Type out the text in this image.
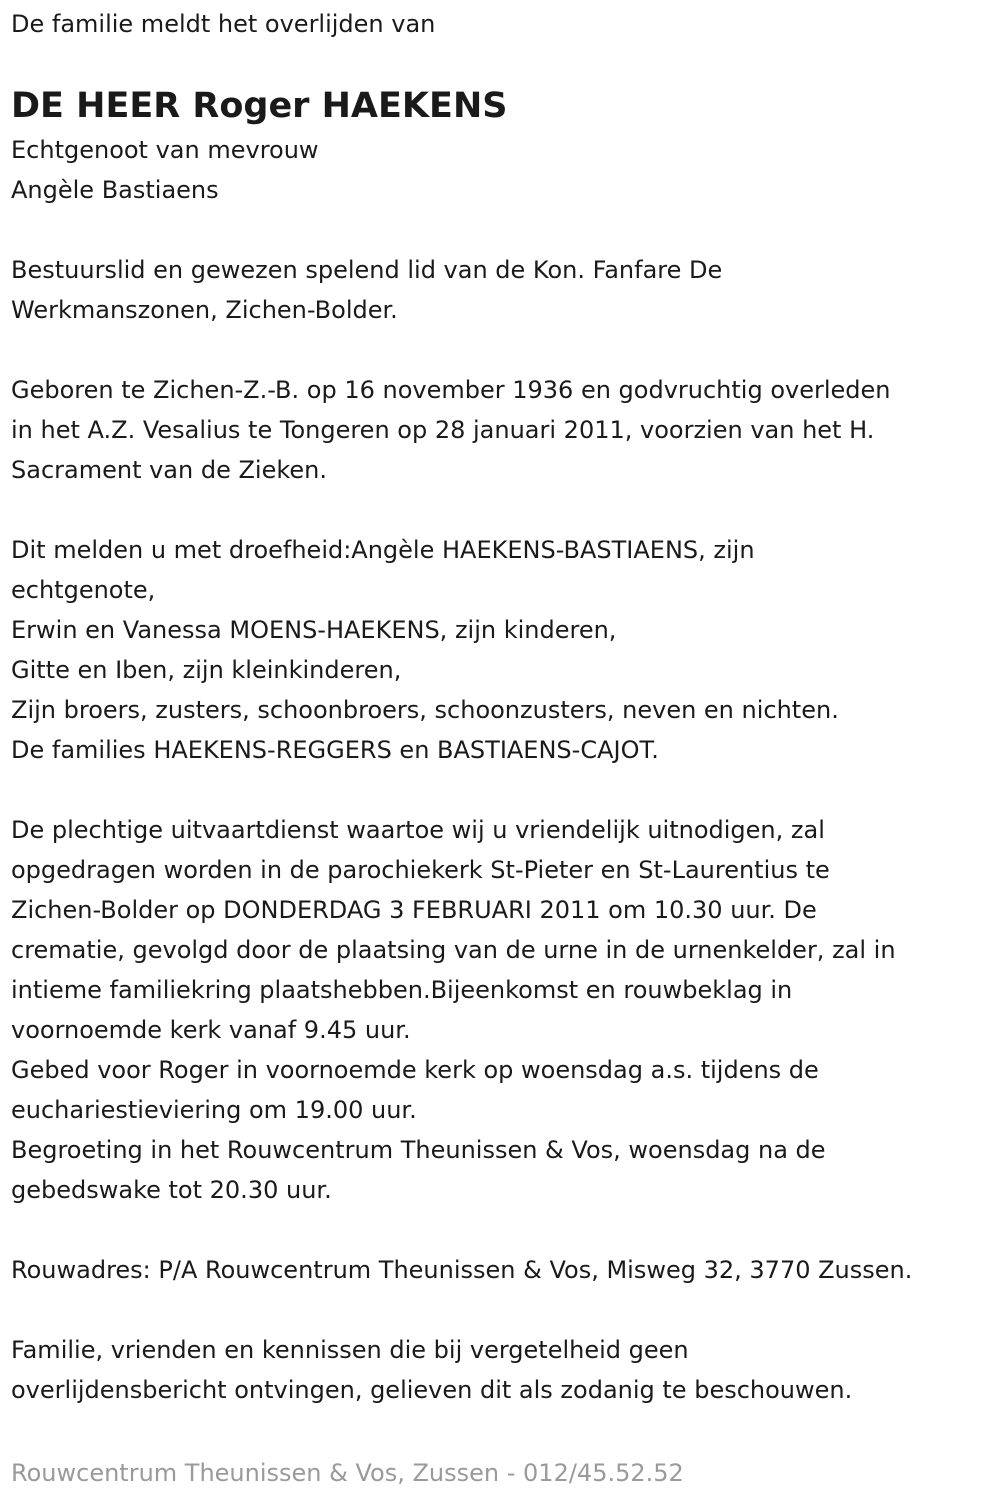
De familie meldt het overlijden van
DE HEER Roger HAEKENS
Echtgenoot van mevrouw
Angèle Bastiaens
Bestuurslid en gewezen spelend lid van de Kon. Fanfare De
Werkmanszonen, Zichen-Bolder.
Geboren te Zichen-Z.-B. op 16 november 1936 en godvruchtig overleden
in het A.Z. Vesalius te Tongeren op 28 januari 2011, voorzien van het H.
Sacrament van de Zieken.
Dit melden u met droefheid:Angèle HAEKENS-BASTIAENS, zijn
echtgenote,
Erwin en Vanessa MOENS-HAEKENS, zijn kinderen,
Gitte en Iben, zijn kleinkinderen,
Zijn broers, zusters, schoonbroers, schoonzusters, neven en nichten.
De families HAEKENS-REGGERS en BASTIAENS-CAJOT.
De plechtige uitvaartdienst waartoe wij u vriendelijk uitnodigen, zal
opgedragen worden in de parochiekerk St-Pieter en St-Laurentius te
Zichen-Bolder op DONDERDAG 3 FEBRUARI 2011 om 10.30 uur. De
crematie, gevolgd door de plaatsing van de urne in de urnenkelder, zal in
intieme familiekring plaatshebben.Bijeenkomst en rouwbeklag in
voornoemde kerk vanaf 9.45 uur.
Gebed voor Roger in voornoemde kerk op woensdag a.s. tijdens de
euchariestieviering om 19.00 uur.
Begroeting in het Rouwcentrum Theunissen & Vos, woensdag na de
gebedswake tot 20.30 uur.
Rouwadres: P/A Rouwcentrum Theunissen & Vos, Misweg 32, 3770 Zussen.
Familie, vrienden en kennissen die bij vergetelheid geen
overlijdensbericht ontvingen, gelieven dit als zodanig te beschouwen.
Rouwcentrum Theunissen & Vos, Zussen - 012/45.52.52
